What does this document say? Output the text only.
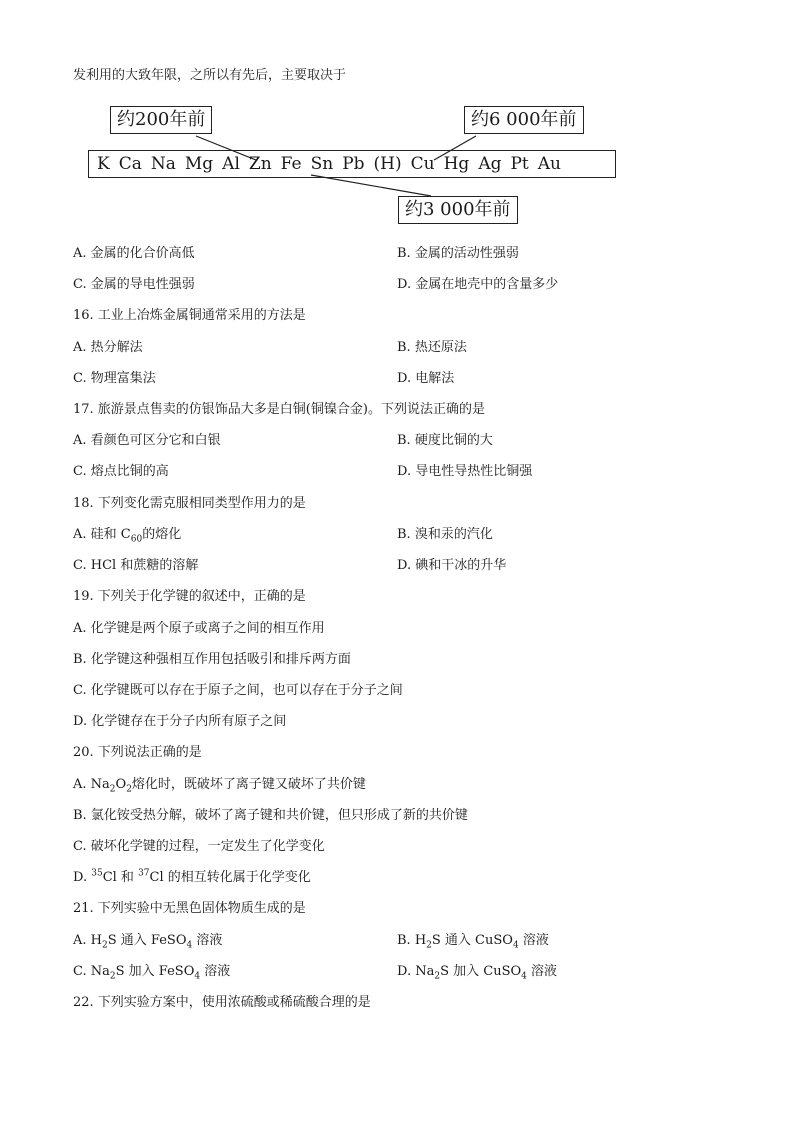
发利用的大致年限，之所以有先后，主要取决于
约200年前	约6 000年前
K Ca Na Mg Al Zn Fe Sn Pb (H) Cu Hg Ag Pt Au
约3 000年前
A. 金属的化合价高低	B. 金属的活动性强弱
C. 金属的导电性强弱	D. 金属在地壳中的含量多少
16. 工业上冶炼金属铜通常采用的方法是
A. 热分解法	B. 热还原法
C. 物理富集法	D. 电解法
17. 旅游景点售卖的仿银饰品大多是白铜(铜镍合金)。下列说法正确的是
A. 看颜色可区分它和白银	B. 硬度比铜的大
C. 熔点比铜的高	D. 导电性导热性比铜强
18. 下列变化需克服相同类型作用力的是
A. 硅和 $C_{60}$的熔化	B. 溴和汞的汽化
C. HCl 和蔗糖的溶解	D. 碘和干冰的升华
19. 下列关于化学键的叙述中，正确的是
A. 化学键是两个原子或离子之间的相互作用
B. 化学键这种强相互作用包括吸引和排斥两方面
C. 化学键既可以存在于原子之间，也可以存在于分子之间
D. 化学键存在于分子内所有原子之间
20. 下列说法正确的是
A. $Na_2O_2$熔化时，既破坏了离子键又破坏了共价键
B. 氯化铵受热分解，破坏了离子键和共价键，但只形成了新的共价键
C. 破坏化学键的过程，一定发生了化学变化
D. $^{35}$Cl 和 $^{37}$Cl 的相互转化属于化学变化
21. 下列实验中无黑色固体物质生成的是
A. $H_2S$ 通入 FeSO$_4$ 溶液	B. $H_2S$ 通入 CuSO$_4$ 溶液
C. $Na_2S$ 加入 FeSO$_4$ 溶液	D. $Na_2S$ 加入 CuSO$_4$ 溶液
22. 下列实验方案中，使用浓硫酸或稀硫酸合理的是
